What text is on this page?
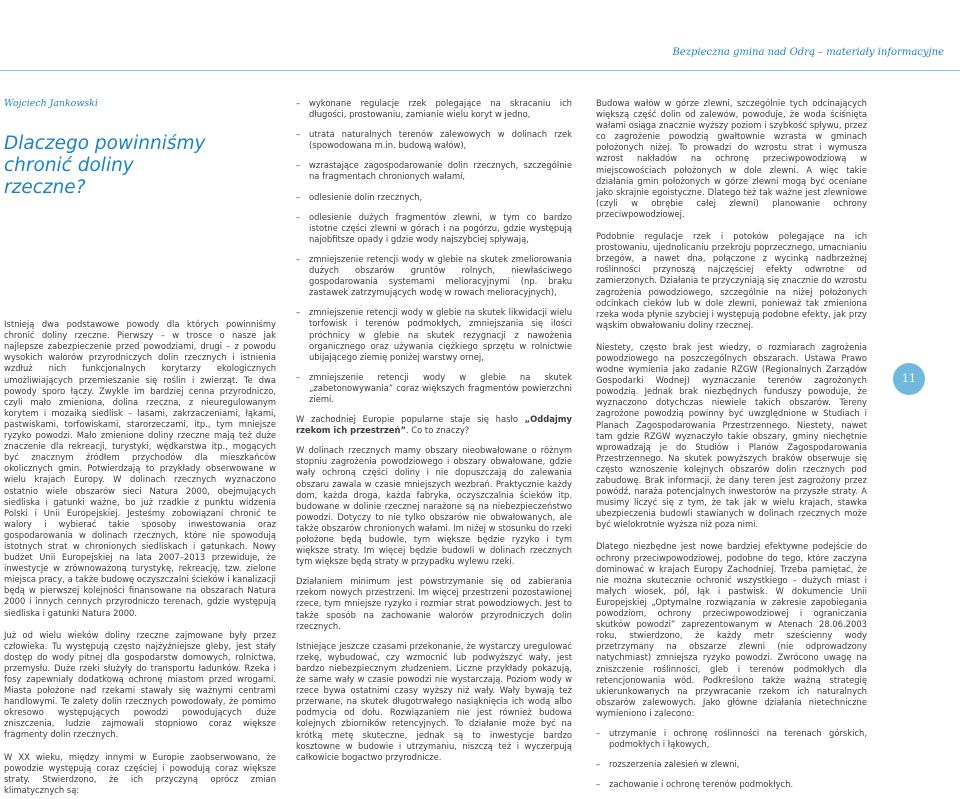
Bezpieczna gmina nad Odrą – materiały informacyjne

Wojciech Jankowski

Dlaczego powinniśmy chronić doliny rzeczne?

Istnieją dwa podstawowe powody dla których powinniśmy chronić doliny rzeczne. Pierwszy – w trosce o nasze jak najlepsze zabezpieczenie przed powodziami, drugi – z powodu wysokich walorów przyrodniczych dolin rzecznych i istnienia wzdłuż nich funkcjonalnych korytarzy ekologicznych umożliwiających przemieszanie się roślin i zwierząt. Te dwa powody sporo łączy. Zwykle im bardziej cenna przyrodniczo, czyli mało zmieniona, dolina rzeczna, z nieuregulowanym korytem i mozaiką siedlisk – lasami, zakrzaczeniami, łąkami, pastwiskami, torfowiskami, starorzeczami, itp., tym mniejsze ryzyko powodzi. Mało zmienione doliny rzeczne mają też duże znaczenie dla rekreacji, turystyki, wędkarstwa itp., mogących być znacznym źródłem przychodów dla mieszkańców okolicznych gmin. Potwierdzają to przykłady obserwowane w wielu krajach Europy. W dolinach rzecznych wyznaczono ostatnio wiele obszarów sieci Natura 2000, obejmujących siedliska i gatunki ważne, bo już rzadkie z punktu widzenia Polski i Unii Europejskiej. Jesteśmy zobowiązani chronić te walory i wybierać takie sposoby inwestowania oraz gospodarowania w dolinach rzecznych, które nie spowodują istotnych strat w chronionych siedliskach i gatunkach. Nowy budżet Unii Europejskiej na lata 2007–2013 przewiduje, że inwestycje w zrównoważoną turystykę, rekreację, tzw. zielone miejsca pracy, a także budowę oczyszczalni ścieków i kanalizacji będą w pierwszej kolejności finansowane na obszarach Natura 2000 i innych cennych przyrodniczo terenach, gdzie występują siedliska i gatunki Natura 2000.

Już od wielu wieków doliny rzeczne zajmowane były przez człowieka. Tu występują często najżyźniejsze gleby, jest stały dostęp do wody pitnej dla gospodarstw domowych, rolnictwa, przemysłu. Duże rzeki służyły do transportu ładunków. Rzeka i fosy zapewniały dodatkową ochronę miastom przed wrogami. Miasta położone nad rzekami stawały się ważnymi centrami handlowymi. Te zalety dolin rzecznych powodowały, że pomimo okresowo występujących powodzi powodujących duże zniszczenia, ludzie zajmowali stopniowo coraz większe fragmenty dolin rzecznych.

W XX wieku, między innymi w Europie zaobserwowano, że powodzie występują coraz częściej i powodują coraz większe straty. Stwierdzono, że ich przyczyną oprócz zmian klimatycznych są:

– wykonane regulacje rzek polegające na skracaniu ich długości, prostowaniu, zamianie wielu koryt w jedno,
– utrata naturalnych terenów zalewowych w dolinach rzek (spowodowana m.in. budową wałów),
– wzrastające zagospodarowanie dolin rzecznych, szczególnie na fragmentach chronionych wałami,
– odlesienie dolin rzecznych,
– odlesienie dużych fragmentów zlewni, w tym co bardzo istotne części zlewni w górach i na pogórzu, gdzie występują najobfitsze opady i gdzie wody najszybciej spływają,
– zmniejszenie retencji wody w glebie na skutek zmeliorowania dużych obszarów gruntów rolnych, niewłaściwego gospodarowania systemami melioracyjnymi (np. braku zastawek zatrzymujących wodę w rowach melioracyjnych),
– zmniejszenie retencji wody w glebie na skutek likwidacji wielu torfowisk i terenów podmokłych, zmniejszania się ilości próchnicy w glebie na skutek rezygnacji z nawożenia organicznego oraz używania ciężkiego sprzętu w rolnictwie ubijającego ziemię poniżej warstwy ornej,
– zmniejszenie retencji wody w glebie na skutek „zabetonowywania” coraz większych fragmentów powierzchni ziemi.

W zachodniej Europie popularne staje się hasło „Oddajmy rzekom ich przestrzeń”. Co to znaczy?

W dolinach rzecznych mamy obszary nieobwałowane o różnym stopniu zagrożenia powodziowego i obszary obwałowane, gdzie wały ochroną części doliny i nie dopuszczają do zalewania obszaru zawala w czasie mniejszych wezbrań. Praktycznie każdy dom, każda droga, każda fabryka, oczyszczalnia ścieków itp. budowane w dolinie rzecznej narażone są na niebezpieczeństwo powodzi. Dotyczy to nie tylko obszarów nie obwałowanych, ale także obszarów chronionych wałami. Im niżej w stosunku do rzeki położone będą budowle, tym większe będzie ryzyko i tym większe straty. Im więcej będzie budowli w dolinach rzecznych tym większe będą straty w przypadku wylewu rzeki.

Działaniem minimum jest powstrzymanie się od zabierania rzekom nowych przestrzeni. Im więcej przestrzeni pozostawionej rzece, tym mniejsze ryzyko i rozmiar strat powodziowych. Jest to także sposób na zachowanie walorów przyrodniczych dolin rzecznych.

Istniejące jeszcze czasami przekonanie, że wystarczy uregulować rzekę, wybudować, czy wzmocnić lub podwyższyć wały, jest bardzo niebezpiecznym złudzeniem. Liczne przykłady pokazują, że same wały w czasie powodzi nie wystarczają. Poziom wody w rzece bywa ostatnimi czasy wyższy niż wały. Wały bywają też przerwane, na skutek długotrwałego nasiąknięcia ich wodą albo podmycia od dołu. Rozwiązaniem nie jest również budowa kolejnych zbiorników retencyjnych. To działanie może być na krótką metę skuteczne, jednak są to inwestycje bardzo kosztowne w budowie i utrzymaniu, niszczą też i wyczerpują całkowicie bogactwo przyrodnicze.

Budowa wałów w górze zlewni, szczególnie tych odcinających większą część dolin od zalewów, powoduje, że woda ściśnięta wałami osiąga znacznie wyższy poziom i szybkość spływu, przez co zagrożenie powodzią gwałtownie wzrasta w gminach położonych niżej. To prowadzi do wzrostu strat i wymusza wzrost nakładów na ochronę przeciwpowodziową w miejscowościach położonych w dole zlewni. A więc takie działania gmin położonych w górze zlewni mogą być oceniane jako skrajnie egoistyczne. Dlatego też tak ważne jest zlewniowe (czyli w obrębie całej zlewni) planowanie ochrony przeciwpowodziowej.

Podobnie regulacje rzek i potoków polegające na ich prostowaniu, ujednolicaniu przekroju poprzecznego, umacnianiu brzegów, a nawet dna, połączone z wycinką nadbrzeżnej roślinności przynoszą najczęściej efekty odwrotne od zamierzonych. Działania te przyczyniają się znacznie do wzrostu zagrożenia powodziowego, szczególnie na niżej położonych odcinkach cieków lub w dole zlewni, ponieważ tak zmieniona rzeka woda płynie szybciej i występują podobne efekty, jak przy wąskim obwałowaniu doliny rzecznej.

Niestety, często brak jest wiedzy, o rozmiarach zagrożenia powodziowego na poszczególnych obszarach. Ustawa Prawo wodne wymienia jako zadanie RZGW (Regionalnych Zarządów Gospodarki Wodnej) wyznaczanie terenów zagrożonych powodzią. Jednak brak niezbędnych funduszy powoduje, że wyznaczono dotychczas niewiele takich obszarów. Tereny zagrożone powodzią powinny być uwzględnione w Studiach i Planach Zagospodarowania Przestrzennego. Niestety, nawet tam gdzie RZGW wyznaczyło takie obszary, gminy niechętnie wprowadzają je do Studiów i Planów Zagospodarowania Przestrzennego. Na skutek powyższych braków obserwuje się często wznoszenie kolejnych obszarów dolin rzecznych pod zabudowę. Brak informacji, że dany teren jest zagrożony przez powódź, naraża potencjalnych inwestorów na przyszłe straty. A musimy liczyć się z tym, że tak jak w wielu krajach, stawka ubezpieczenia budowli stawianych w dolinach rzecznych może być wielokrotnie wyższa niż poza nimi.

Dlatego niezbędne jest nowe bardziej efektywne podejście do ochrony przeciwpowodziowej, podobne do tego, które zaczyna dominować w krajach Europy Zachodniej. Trzeba pamiętać, że nie można skutecznie ochronić wszystkiego – dużych miast i małych wiosek, pól, łąk i pastwisk. W dokumencie Unii Europejskiej „Optymalne rozwiązania w zakresie zapobiegania powodziom, ochrony przeciwpowodziowej i ograniczania skutków powodzi” zaprezentowanym w Atenach 28.06.2003 roku, stwierdzono, że każdy metr sześcienny wody przetrzymany na obszarze zlewni (nie odprowadzony natychmiast) zmniejsza ryzyko powodzi. Zwrócono uwagę na zniszczenie roślinności, gleb i terenów podmokłych dla retencjonowania wód. Podkreślono także ważną strategię ukierunkowanych na przywracanie rzekom ich naturalnych obszarów zalewowych. Jako główne działania nietechniczne wymieniono i zalecono:

– utrzymanie i ochronę roślinności na terenach górskich, podmokłych i łąkowych,
– rozszerzenia zalesień w zlewni,
– zachowanie i ochronę terenów podmokłych.
11
